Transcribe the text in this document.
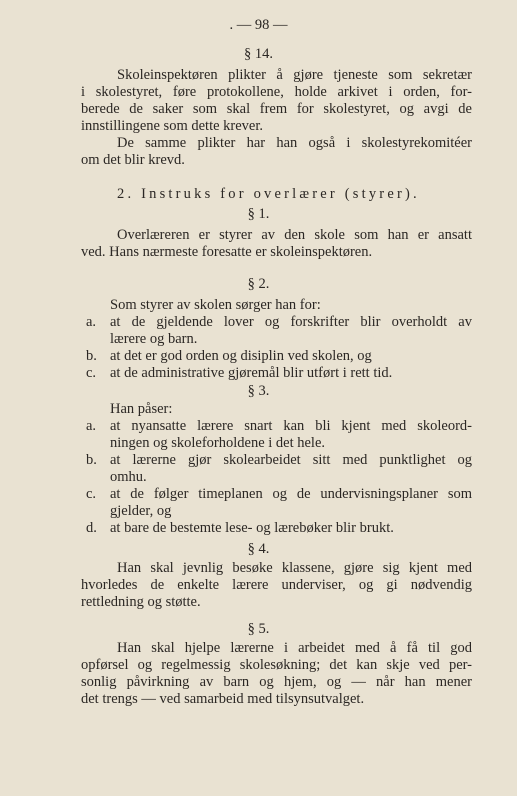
. — 98 —
§ 14.
Skoleinspektøren plikter å gjøre tjeneste som sekretær
i skolestyret, føre protokollene, holde arkivet i orden, for-
berede de saker som skal frem for skolestyret, og avgi de
innstillingene som dette krever.
De samme plikter har han også i skolestyrekomitéer
om det blir krevd.
2. Instruks for overlærer (styrer).
§ 1.
Overlæreren er styrer av den skole som han er ansatt
ved. Hans nærmeste foresatte er skoleinspektøren.
§ 2.
Som styrer av skolen sørger han for:
a. at de gjeldende lover og forskrifter blir overholdt av
lærere og barn.
b. at det er god orden og disiplin ved skolen, og
c. at de administrative gjøremål blir utført i rett tid.
§ 3.
Han påser:
a. at nyansatte lærere snart kan bli kjent med skoleord-
ningen og skoleforholdene i det hele.
b. at lærerne gjør skolearbeidet sitt med punktlighet og
omhu.
c. at de følger timeplanen og de undervisningsplaner som
gjelder, og
d. at bare de bestemte lese- og lærebøker blir brukt.
§ 4.
Han skal jevnlig besøke klassene, gjøre sig kjent med
hvorledes de enkelte lærere underviser, og gi nødvendig
rettledning og støtte.
§ 5.
Han skal hjelpe lærerne i arbeidet med å få til god
opførsel og regelmessig skolesøkning; det kan skje ved per-
sonlig påvirkning av barn og hjem, og — når han mener
det trengs — ved samarbeid med tilsynsutvalget.
